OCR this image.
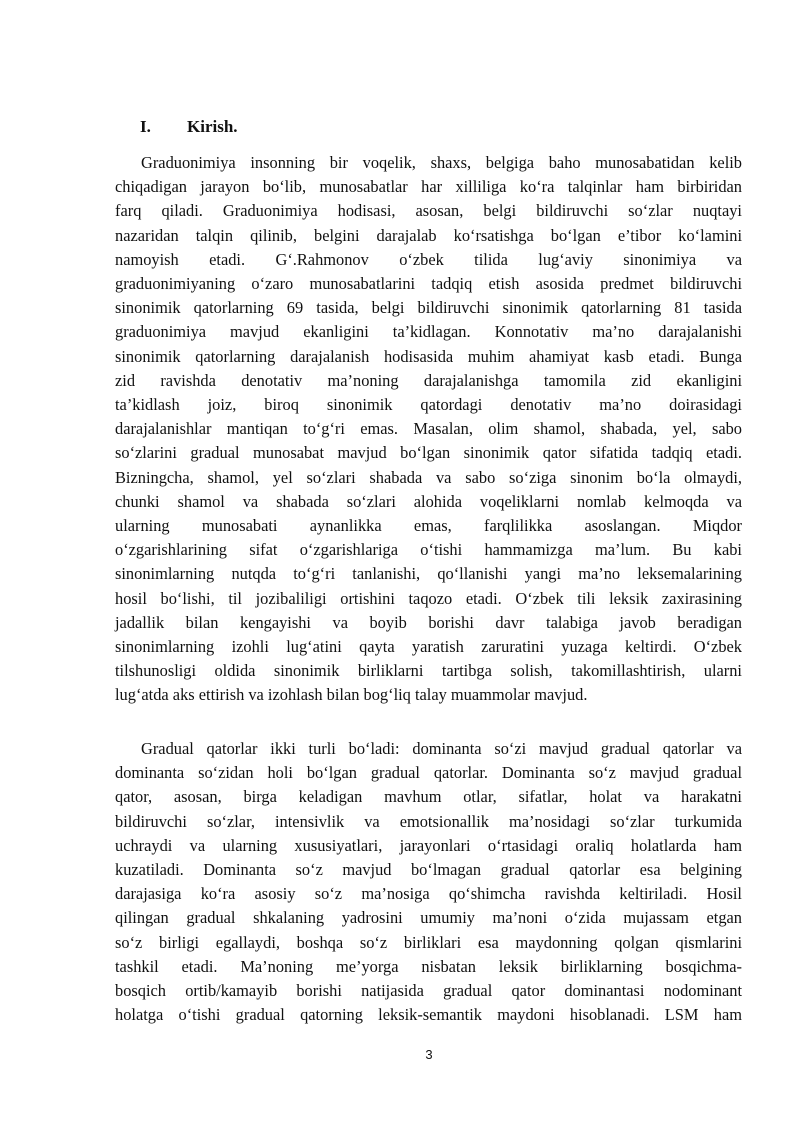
I. Kirish.
Graduonimiya insonning bir voqelik, shaxs, belgiga baho munosabatidan kelib
chiqadigan jarayon bo‘lib, munosabatlar har xilliliga ko‘ra talqinlar ham birbiridan
farq qiladi. Graduonimiya hodisasi, asosan, belgi bildiruvchi so‘zlar nuqtayi
nazaridan talqin qilinib, belgini darajalab ko‘rsatishga bo‘lgan e’tibor ko‘lamini
namoyish etadi. G‘.Rahmonov o‘zbek tilida lug‘aviy sinonimiya va
graduonimiyaning o‘zaro munosabatlarini tadqiq etish asosida predmet bildiruvchi
sinonimik qatorlarning 69 tasida, belgi bildiruvchi sinonimik qatorlarning 81 tasida
graduonimiya mavjud ekanligini ta’kidlagan. Konnotativ ma’no darajalanishi
sinonimik qatorlarning darajalanish hodisasida muhim ahamiyat kasb etadi. Bunga
zid ravishda denotativ ma’noning darajalanishga tamomila zid ekanligini
ta’kidlash joiz, biroq sinonimik qatordagi denotativ ma’no doirasidagi
darajalanishlar mantiqan to‘g‘ri emas. Masalan, olim shamol, shabada, yel, sabo
so‘zlarini gradual munosabat mavjud bo‘lgan sinonimik qator sifatida tadqiq etadi.
Bizningcha, shamol, yel so‘zlari shabada va sabo so‘ziga sinonim bo‘la olmaydi,
chunki shamol va shabada so‘zlari alohida voqeliklarni nomlab kelmoqda va
ularning munosabati aynanlikka emas, farqlilikka asoslangan. Miqdor
o‘zgarishlarining sifat o‘zgarishlariga o‘tishi hammamizga ma’lum. Bu kabi
sinonimlarning nutqda to‘g‘ri tanlanishi, qo‘llanishi yangi ma’no leksemalarining
hosil bo‘lishi, til jozibaliligi ortishini taqozo etadi. O‘zbek tili leksik zaxirasining
jadallik bilan kengayishi va boyib borishi davr talabiga javob beradigan
sinonimlarning izohli lug‘atini qayta yaratish zaruratini yuzaga keltirdi. O‘zbek
tilshunosligi oldida sinonimik birliklarni tartibga solish, takomillashtirish, ularni
lug‘atda aks ettirish va izohlash bilan bog‘liq talay muammolar mavjud.
Gradual qatorlar ikki turli bo‘ladi: dominanta so‘zi mavjud gradual qatorlar va
dominanta so‘zidan holi bo‘lgan gradual qatorlar. Dominanta so‘z mavjud gradual
qator, asosan, birga keladigan mavhum otlar, sifatlar, holat va harakatni
bildiruvchi so‘zlar, intensivlik va emotsionallik ma’nosidagi so‘zlar turkumida
uchraydi va ularning xususiyatlari, jarayonlari o‘rtasidagi oraliq holatlarda ham
kuzatiladi. Dominanta so‘z mavjud bo‘lmagan gradual qatorlar esa belgining
darajasiga ko‘ra asosiy so‘z ma’nosiga qo‘shimcha ravishda keltiriladi. Hosil
qilingan gradual shkalaning yadrosini umumiy ma’noni o‘zida mujassam etgan
so‘z birligi egallaydi, boshqa so‘z birliklari esa maydonning qolgan qismlarini
tashkil etadi. Ma’noning me’yorga nisbatan leksik birliklarning bosqichma-
bosqich ortib/kamayib borishi natijasida gradual qator dominantasi nodominant
holatga o‘tishi gradual qatorning leksik-semantik maydoni hisoblanadi. LSM ham
3
